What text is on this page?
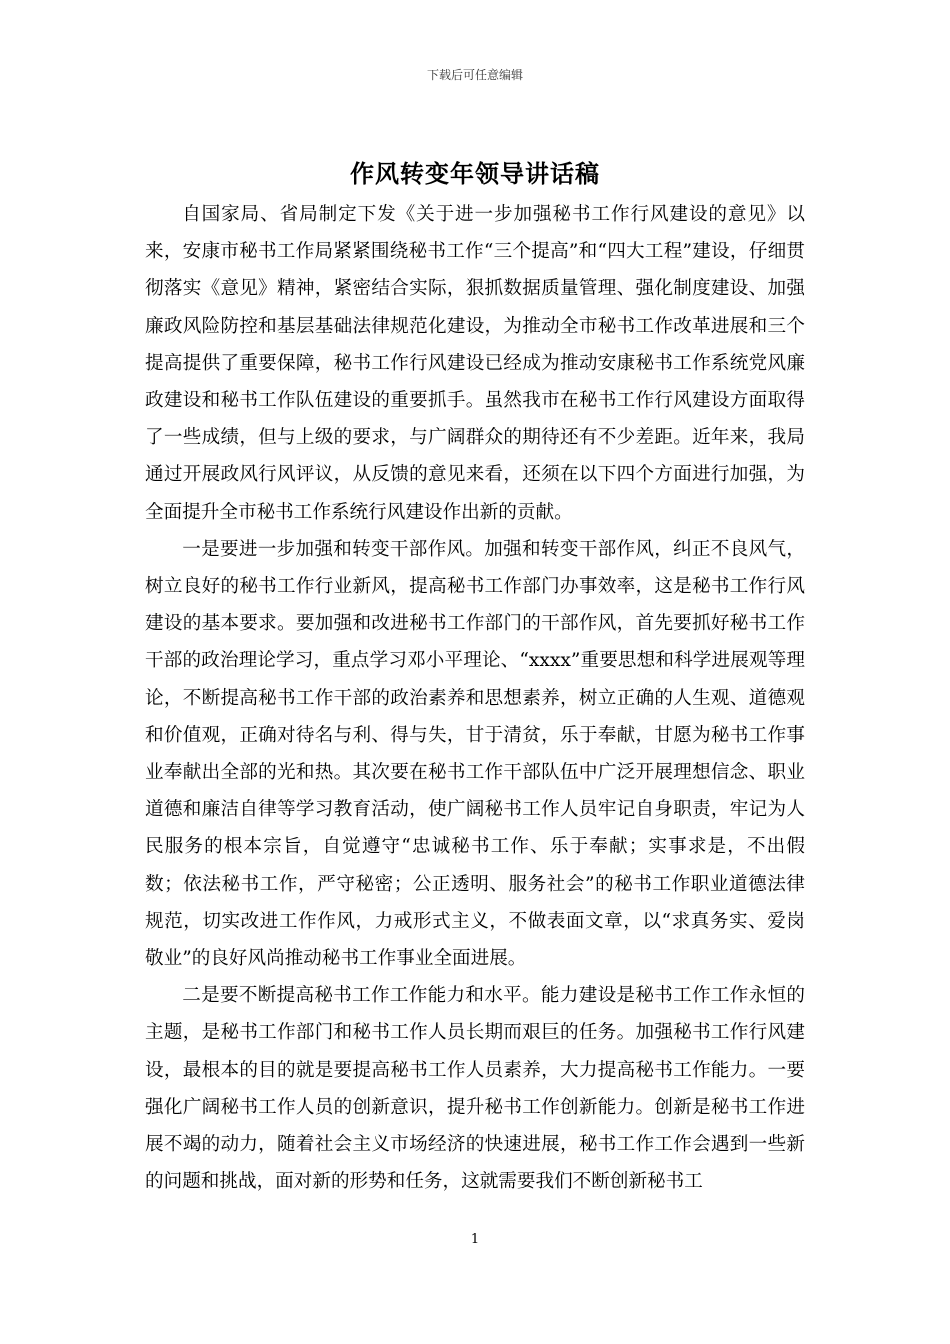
下载后可任意编辑
作风转变年领导讲话稿

自国家局、省局制定下发《关于进一步加强秘书工作行风建设的意见》以来，安康市秘书工作局紧紧围绕秘书工作“三个提高”和“四大工程”建设，仔细贯彻落实《意见》精神，紧密结合实际，狠抓数据质量管理、强化制度建设、加强廉政风险防控和基层基础法律规范化建设，为推动全市秘书工作改革进展和三个提高提供了重要保障，秘书工作行风建设已经成为推动安康秘书工作系统党风廉政建设和秘书工作队伍建设的重要抓手。虽然我市在秘书工作行风建设方面取得了一些成绩，但与上级的要求，与广阔群众的期待还有不少差距。近年来，我局通过开展政风行风评议，从反馈的意见来看，还须在以下四个方面进行加强，为全面提升全市秘书工作系统行风建设作出新的贡献。

一是要进一步加强和转变干部作风。加强和转变干部作风，纠正不良风气，树立良好的秘书工作行业新风，提高秘书工作部门办事效率，这是秘书工作行风建设的基本要求。要加强和改进秘书工作部门的干部作风，首先要抓好秘书工作干部的政治理论学习，重点学习邓小平理论、“xxxx”重要思想和科学进展观等理论，不断提高秘书工作干部的政治素养和思想素养，树立正确的人生观、道德观和价值观，正确对待名与利、得与失，甘于清贫，乐于奉献，甘愿为秘书工作事业奉献出全部的光和热。其次要在秘书工作干部队伍中广泛开展理想信念、职业道德和廉洁自律等学习教育活动，使广阔秘书工作人员牢记自身职责，牢记为人民服务的根本宗旨，自觉遵守“忠诚秘书工作、乐于奉献；实事求是，不出假数；依法秘书工作，严守秘密；公正透明、服务社会”的秘书工作职业道德法律规范，切实改进工作作风，力戒形式主义，不做表面文章，以“求真务实、爱岗敬业”的良好风尚推动秘书工作事业全面进展。

二是要不断提高秘书工作工作能力和水平。能力建设是秘书工作工作永恒的主题，是秘书工作部门和秘书工作人员长期而艰巨的任务。加强秘书工作行风建设，最根本的目的就是要提高秘书工作人员素养，大力提高秘书工作能力。一要强化广阔秘书工作人员的创新意识，提升秘书工作创新能力。创新是秘书工作进展不竭的动力，随着社会主义市场经济的快速进展，秘书工作工作会遇到一些新的问题和挑战，面对新的形势和任务，这就需要我们不断创新秘书工

1
